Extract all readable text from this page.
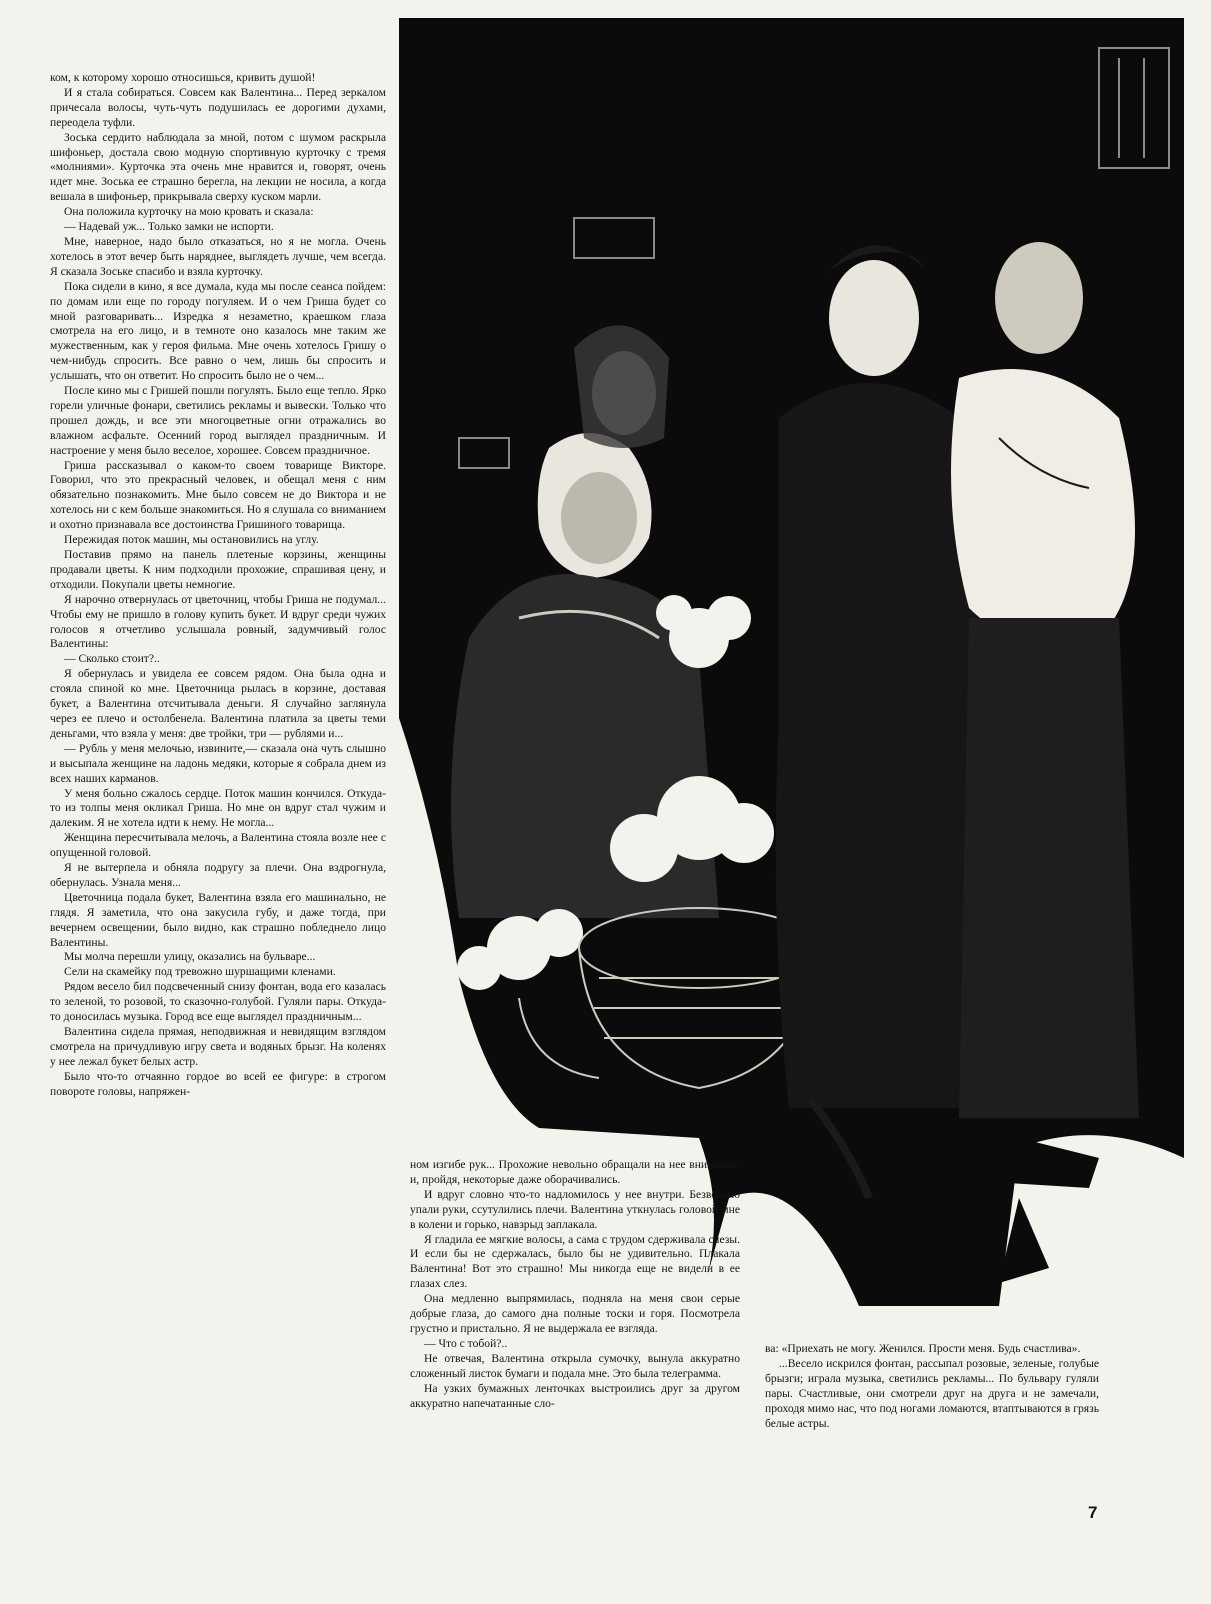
ком, к которому хорошо относишься, кривить душой!

И я стала собираться. Совсем как Валентина... Перед зеркалом причесала волосы, чуть-чуть подушилась ее дорогими духами, переодела туфли.

Зоська сердито наблюдала за мной, потом с шумом раскрыла шифоньер, достала свою модную спортивную курточку с тремя «молниями». Курточка эта очень мне нравится и, говорят, очень идет мне. Зоська ее страшно берегла, на лекции не носила, а когда вешала в шифоньер, прикрывала сверху куском марли.

Она положила курточку на мою кровать и сказала:

— Надевай уж... Только замки не испорти.

Мне, наверное, надо было отказаться, но я не могла. Очень хотелось в этот вечер быть наряднее, выглядеть лучше, чем всегда. Я сказала Зоське спасибо и взяла курточку.

Пока сидели в кино, я все думала, куда мы после сеанса пойдем: по домам или еще по городу погуляем. И о чем Гриша будет со мной разговаривать... Изредка я незаметно, краешком глаза смотрела на его лицо, и в темноте оно казалось мне таким же мужественным, как у героя фильма. Мне очень хотелось Гришу о чем-нибудь спросить. Все равно о чем, лишь бы спросить и услышать, что он ответит. Но спросить было не о чем...

После кино мы с Гришей пошли погулять. Было еще тепло. Ярко горели уличные фонари, светились рекламы и вывески. Только что прошел дождь, и все эти многоцветные огни отражались во влажном асфальте. Осенний город выглядел праздничным. И настроение у меня было веселое, хорошее. Совсем праздничное.

Гриша рассказывал о каком-то своем товарище Викторе. Говорил, что это прекрасный человек, и обещал меня с ним обязательно познакомить. Мне было совсем не до Виктора и не хотелось ни с кем больше знакомиться. Но я слушала со вниманием и охотно признавала все достоинства Гришиного товарища.

Пережидая поток машин, мы остановились на углу.

Поставив прямо на панель плетеные корзины, женщины продавали цветы. К ним подходили прохожие, спрашивая цену, и отходили. Покупали цветы немногие.

Я нарочно отвернулась от цветочниц, чтобы Гриша не подумал... Чтобы ему не пришло в голову купить букет. И вдруг среди чужих голосов я отчетливо услышала ровный, задумчивый голос Валентины:

— Сколько стоит?..

Я обернулась и увидела ее совсем рядом. Она была одна и стояла спиной ко мне. Цветочница рылась в корзине, доставая букет, а Валентина отсчитывала деньги. Я случайно заглянула через ее плечо и остолбенела. Валентина платила за цветы теми деньгами, что взяла у меня: две тройки, три — рублями и...

— Рубль у меня мелочью, извините,— сказала она чуть слышно и высыпала женщине на ладонь медяки, которые я собрала днем из всех наших карманов.

У меня больно сжалось сердце. Поток машин кончился. Откуда-то из толпы меня окликал Гриша. Но мне он вдруг стал чужим и далеким. Я не хотела идти к нему. Не могла...

Женщина пересчитывала мелочь, а Валентина стояла возле нее с опущенной головой.

Я не вытерпела и обняла подругу за плечи. Она вздрогнула, обернулась. Узнала меня...

Цветочница подала букет, Валентина взяла его машинально, не глядя. Я заметила, что она закусила губу, и даже тогда, при вечернем освещении, было видно, как страшно побледнело лицо Валентины.

Мы молча перешли улицу, оказались на бульваре...

Сели на скамейку под тревожно шуршащими кленами.

Рядом весело бил подсвеченный снизу фонтан, вода его казалась то зеленой, то розовой, то сказочно-голубой. Гуляли пары. Откуда-то доносилась музыка. Город все еще выглядел праздничным...

Валентина сидела прямая, неподвижная и невидящим взглядом смотрела на причудливую игру света и водяных брызг. На коленях у нее лежал букет белых астр.

Было что-то отчаянно гордое во всей ее фигуре: в строгом повороте головы, напряжен-

ном изгибе рук... Прохожие невольно обращали на нее внимание, и, пройдя, некоторые даже оборачивались.

И вдруг словно что-то надломилось у нее внутри. Безвольно упали руки, ссутулились плечи. Валентина уткнулась головой мне в колени и горько, навзрыд заплакала.

Я гладила ее мягкие волосы, а сама с трудом сдерживала слезы. И если бы не сдержалась, было бы не удивительно. Плакала Валентина! Вот это страшно! Мы никогда еще не видели в ее глазах слез.

Она медленно выпрямилась, подняла на меня свои серые добрые глаза, до самого дна полные тоски и горя. Посмотрела грустно и пристально. Я не выдержала ее взгляда.

— Что с тобой?..

Не отвечая, Валентина открыла сумочку, вынула аккуратно сложенный листок бумаги и подала мне. Это была телеграмма.

На узких бумажных ленточках выстроились друг за другом аккуратно напечатанные сло-

ва: «Приехать не могу. Женился. Прости меня. Будь счастлива».

...Весело искрился фонтан, рассыпал розовые, зеленые, голубые брызги; играла музыка, светились рекламы... По бульвару гуляли пары. Счастливые, они смотрели друг на друга и не замечали, проходя мимо нас, что под ногами ломаются, втаптываются в грязь белые астры.

7
